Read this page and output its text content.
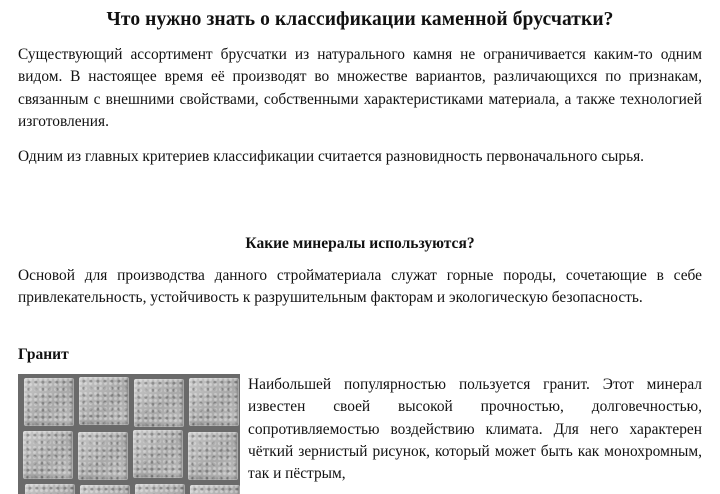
Что нужно знать о классификации каменной брусчатки?

Существующий ассортимент брусчатки из натурального камня не ограничивается каким-то одним видом. В настоящее время её производят во множестве вариантов, различающихся по признакам, связанным с внешними свойствами, собственными характеристиками материала, а также технологией изготовления.

Одним из главных критериев классификации считается разновидность первоначального сырья.

Какие минералы используются?

Основой для производства данного стройматериала служат горные породы, сочетающие в себе привлекательность, устойчивость к разрушительным факторам и экологическую безопасность.

Гранит

Наибольшей популярностью пользуется гранит. Этот минерал известен своей высокой прочностью, долговечностью, сопротивляемостью воздействию климата. Для него характерен чёткий зернистый рисунок, который может быть как монохромным, так и пёстрым,
